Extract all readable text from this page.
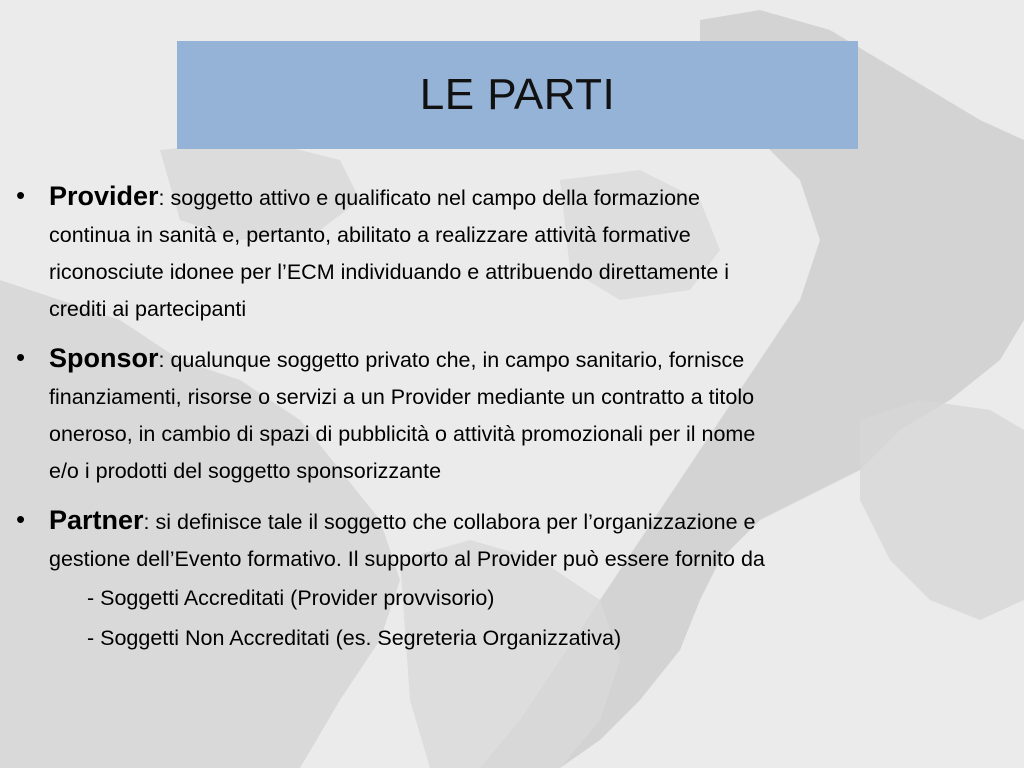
LE PARTI
• Provider: soggetto attivo e qualificato nel campo della formazione
continua in sanità e, pertanto, abilitato a realizzare attività formative
riconosciute idonee per l’ECM individuando e attribuendo direttamente i
crediti ai partecipanti
• Sponsor: qualunque soggetto privato che, in campo sanitario, fornisce
finanziamenti, risorse o servizi a un Provider mediante un contratto a titolo
oneroso, in cambio di spazi di pubblicità o attività promozionali per il nome
e/o i prodotti del soggetto sponsorizzante
• Partner: si definisce tale il soggetto che collabora per l’organizzazione e
gestione dell’Evento formativo. Il supporto al Provider può essere fornito da
- Soggetti Accreditati (Provider provvisorio)
- Soggetti Non Accreditati (es. Segreteria Organizzativa)
